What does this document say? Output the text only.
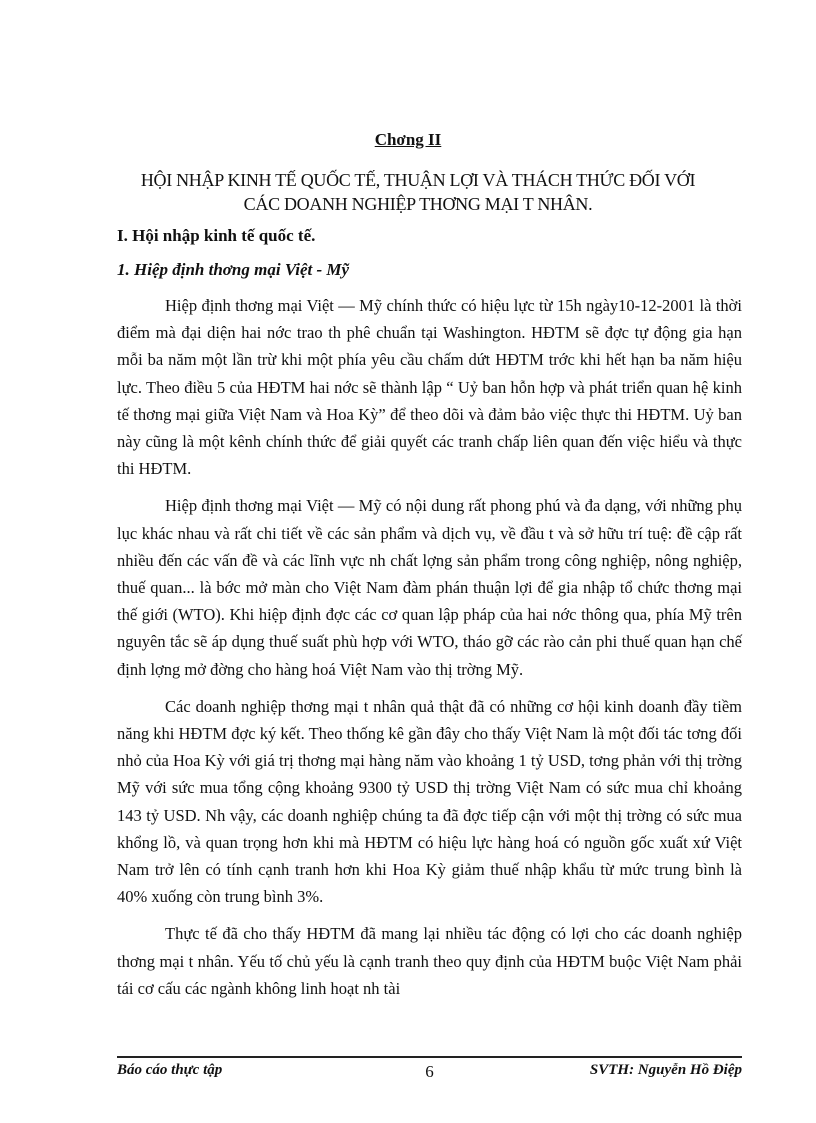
Chơng II
HỘI NHẬP KINH TẾ QUỐC TẾ, THUẬN LỢI VÀ THÁCH THỨC ĐỐI VỚI
CÁC DOANH NGHIỆP THƠNG MẠI T NHÂN.
I. Hội nhập kinh tế quốc tế.
1. Hiệp định thơng mại Việt - Mỹ

Hiệp định thơng mại Việt — Mỹ chính thức có hiệu lực từ 15h ngày10-12-2001 là thời điểm mà đại diện hai nớc trao th phê chuẩn tại Washington. HĐTM sẽ đợc tự động gia hạn mỗi ba năm một lần trừ khi một phía yêu cầu chấm dứt HĐTM trớc khi hết hạn ba năm hiệu lực. Theo điều 5 của HĐTM hai nớc sẽ thành lập “ Uỷ ban hỗn hợp và phát triển quan hệ kinh tế thơng mại giữa Việt Nam và Hoa Kỳ” để theo dõi và đảm bảo việc thực thi HĐTM. Uỷ ban này cũng là một kênh chính thức để giải quyết các tranh chấp liên quan đến việc hiểu và thực thi HĐTM.

Hiệp định thơng mại Việt — Mỹ có nội dung rất phong phú và đa dạng, với những phụ lục khác nhau và rất chi tiết về các sản phẩm và dịch vụ, về đầu t và sở hữu trí tuệ: đề cập rất nhiều đến các vấn đề và các lĩnh vực nh chất lợng sản phẩm trong công nghiệp, nông nghiệp, thuế quan... là bớc mở màn cho Việt Nam đàm phán thuận lợi để gia nhập tổ chức thơng mại thế giới (WTO). Khi hiệp định đợc các cơ quan lập pháp của hai nớc thông qua, phía Mỹ trên nguyên tắc sẽ áp dụng thuế suất phù hợp với WTO, tháo gỡ các rào cản phi thuế quan hạn chế định lợng mở đờng cho hàng hoá Việt Nam vào thị trờng Mỹ.

Các doanh nghiệp thơng mại t nhân quả thật đã có những cơ hội kinh doanh đầy tiềm năng khi HĐTM đợc ký kết. Theo thống kê gần đây cho thấy Việt Nam là một đối tác tơng đối nhỏ của Hoa Kỳ với giá trị thơng mại hàng năm vào khoảng 1 tỷ USD, tơng phản với thị trờng Mỹ với sức mua tổng cộng khoảng 9300 tỷ USD thị trờng Việt Nam có sức mua chỉ khoảng 143 tỷ USD. Nh vậy, các doanh nghiệp chúng ta đã đợc tiếp cận với một thị trờng có sức mua khổng lồ, và quan trọng hơn khi mà HĐTM có hiệu lực hàng hoá có nguồn gốc xuất xứ Việt Nam trở lên có tính cạnh tranh hơn khi Hoa Kỳ giảm thuế nhập khẩu từ mức trung bình là 40% xuống còn trung bình 3%.

Thực tế đã cho thấy HĐTM đã mang lại nhiều tác động có lợi cho các doanh nghiệp thơng mại t nhân. Yếu tố chủ yếu là cạnh tranh theo quy định của HĐTM buộc Việt Nam phải tái cơ cấu các ngành không linh hoạt nh tài

Báo cáo thực tập	6	SVTH: Nguyễn Hồ Điệp
